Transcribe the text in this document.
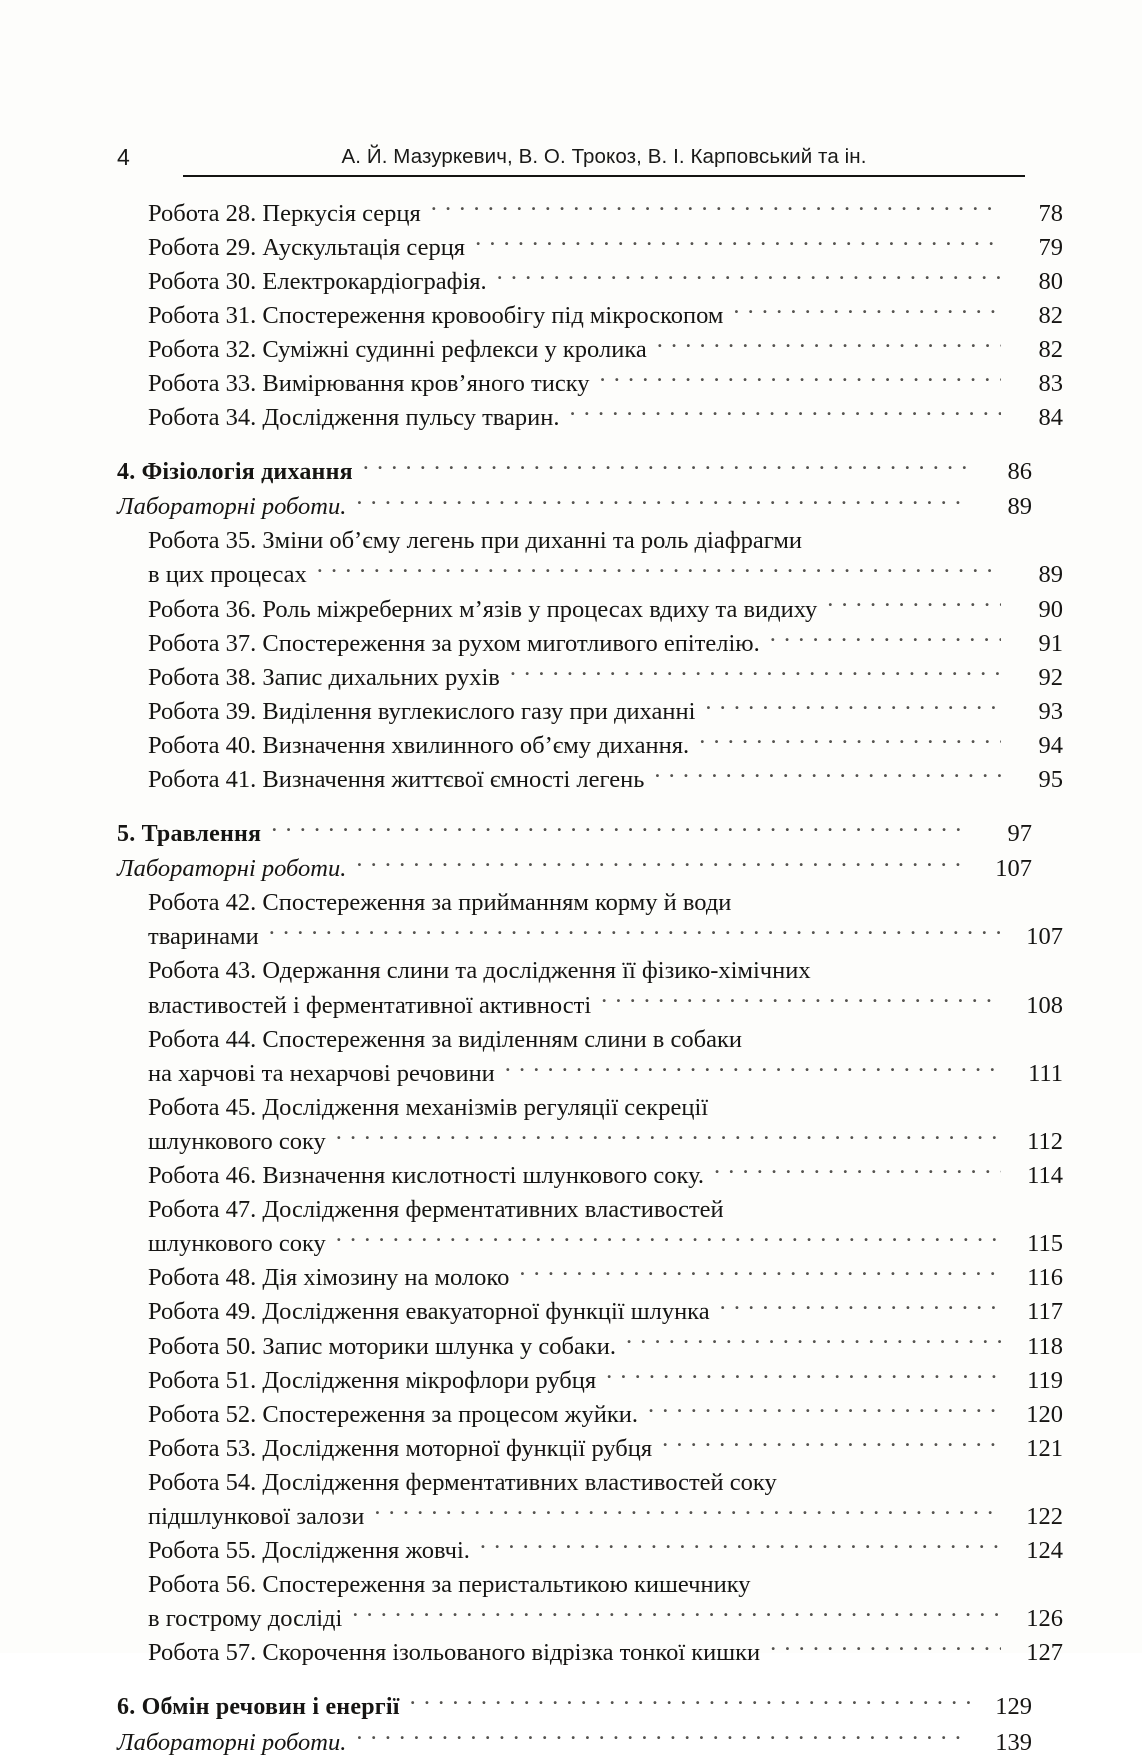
4	А. Й. Мазуркевич, В. О. Трокоз, В. І. Карповський та ін.
Робота 28. Перкусія серця . . .	78
Робота 29. Аускультація серця . . .	79
Робота 30. Електрокардіографія. . . .	80
Робота 31. Спостереження кровообігу під мікроскопом . . .	82
Робота 32. Суміжні судинні рефлекси у кролика . . .	82
Робота 33. Вимірювання кров’яного тиску . . .	83
Робота 34. Дослідження пульсу тварин. . . .	84
4. Фізіологія дихання . . .	86
Лабораторні роботи. . . .	89
Робота 35. Зміни об’єму легень при диханні та роль діафрагми
в цих процесах . . .	89
Робота 36. Роль міжреберних м’язів у процесах вдиху та видиху . . .	90
Робота 37. Спостереження за рухом миготливого епітелію. . . .	91
Робота 38. Запис дихальних рухів . . .	92
Робота 39. Виділення вуглекислого газу при диханні . . .	93
Робота 40. Визначення хвилинного об’єму дихання. . . .	94
Робота 41. Визначення життєвої ємності легень . . .	95
5. Травлення . . .	97
Лабораторні роботи. . . .	107
Робота 42. Спостереження за прийманням корму й води
тваринами . . .	107
Робота 43. Одержання слини та дослідження її фізико-хімічних
властивостей і ферментативної активності . . .	108
Робота 44. Спостереження за виділенням слини в собаки
на харчові та нехарчові речовини . . .	111
Робота 45. Дослідження механізмів регуляції секреції
шлункового соку . . .	112
Робота 46. Визначення кислотності шлункового соку. . . .	114
Робота 47. Дослідження ферментативних властивостей
шлункового соку . . .	115
Робота 48. Дія хімозину на молоко . . .	116
Робота 49. Дослідження евакуаторної функції шлунка . . .	117
Робота 50. Запис моторики шлунка у собаки. . . .	118
Робота 51. Дослідження мікрофлори рубця . . .	119
Робота 52. Спостереження за процесом жуйки. . . .	120
Робота 53. Дослідження моторної функції рубця . . .	121
Робота 54. Дослідження ферментативних властивостей соку
підшлункової залози . . .	122
Робота 55. Дослідження жовчі. . . .	124
Робота 56. Спостереження за перистальтикою кишечнику
в гострому досліді . . .	126
Робота 57. Скорочення ізольованого відрізка тонкої кишки . . .	127
6. Обмін речовин і енергії . . .	129
Лабораторні роботи. . . .	139
